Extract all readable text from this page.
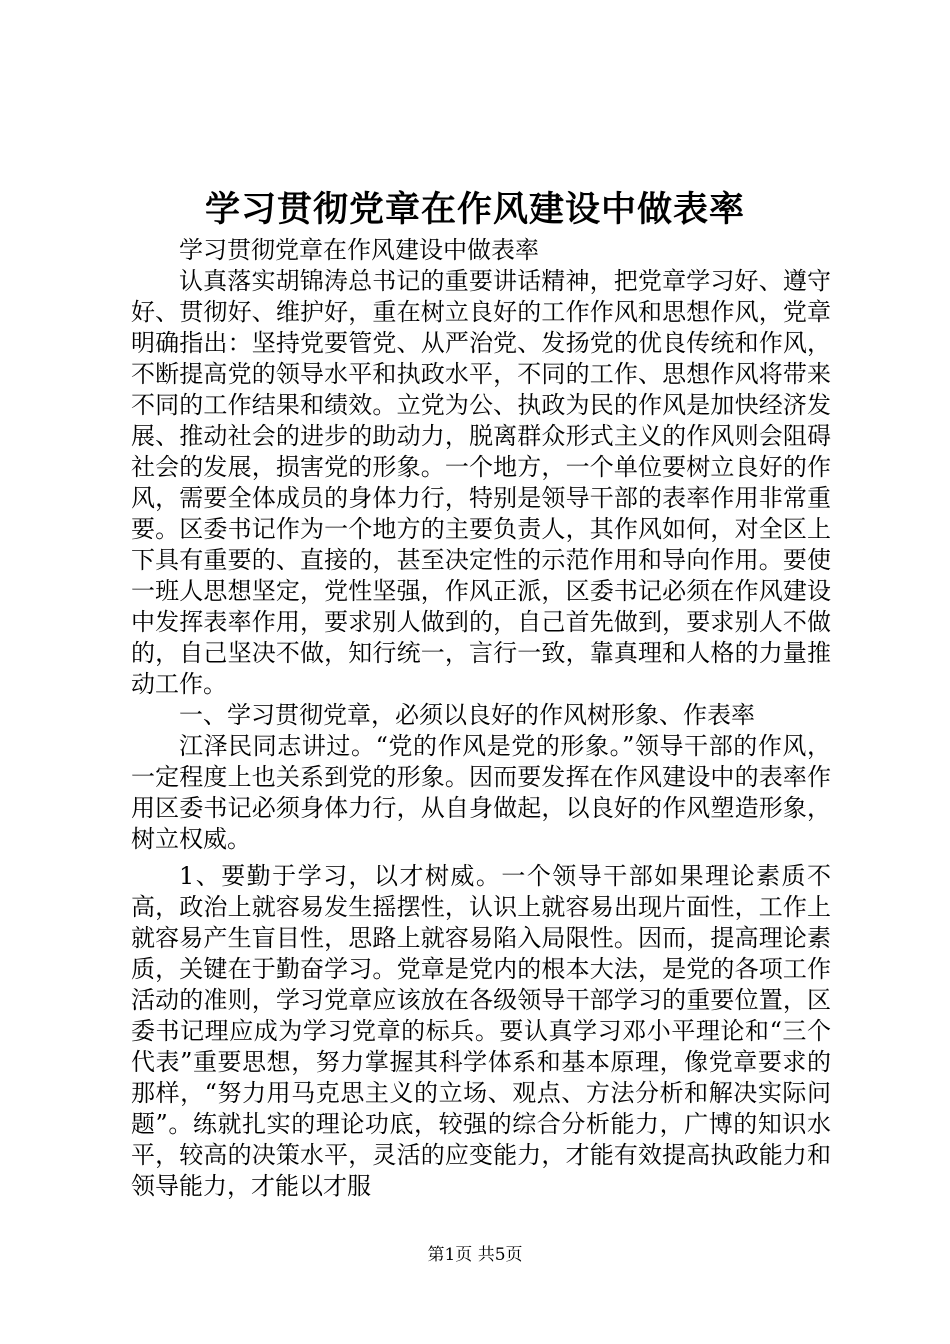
学习贯彻党章在作风建设中做表率

学习贯彻党章在作风建设中做表率

认真落实胡锦涛总书记的重要讲话精神，把党章学习好、遵守好、贯彻好、维护好，重在树立良好的工作作风和思想作风，党章明确指出：坚持党要管党、从严治党、发扬党的优良传统和作风，不断提高党的领导水平和执政水平，不同的工作、思想作风将带来不同的工作结果和绩效。立党为公、执政为民的作风是加快经济发展、推动社会的进步的助动力，脱离群众形式主义的作风则会阻碍社会的发展，损害党的形象。一个地方，一个单位要树立良好的作风，需要全体成员的身体力行，特别是领导干部的表率作用非常重要。区委书记作为一个地方的主要负责人，其作风如何，对全区上下具有重要的、直接的，甚至决定性的示范作用和导向作用。要使一班人思想坚定，党性坚强，作风正派，区委书记必须在作风建设中发挥表率作用，要求别人做到的，自己首先做到，要求别人不做的，自己坚决不做，知行统一，言行一致，靠真理和人格的力量推动工作。

一、学习贯彻党章，必须以良好的作风树形象、作表率

江泽民同志讲过。“党的作风是党的形象。”领导干部的作风，一定程度上也关系到党的形象。因而要发挥在作风建设中的表率作用区委书记必须身体力行，从自身做起，以良好的作风塑造形象，树立权威。

1、要勤于学习，以才树威。一个领导干部如果理论素质不高，政治上就容易发生摇摆性，认识上就容易出现片面性，工作上就容易产生盲目性，思路上就容易陷入局限性。因而，提高理论素质，关键在于勤奋学习。党章是党内的根本大法，是党的各项工作活动的准则，学习党章应该放在各级领导干部学习的重要位置，区委书记理应成为学习党章的标兵。要认真学习邓小平理论和“三个代表”重要思想，努力掌握其科学体系和基本原理，像党章要求的那样，“努力用马克思主义的立场、观点、方法分析和解决实际问题”。练就扎实的理论功底，较强的综合分析能力，广博的知识水平，较高的决策水平，灵活的应变能力，才能有效提高执政能力和领导能力，才能以才服

第1页 共5页
